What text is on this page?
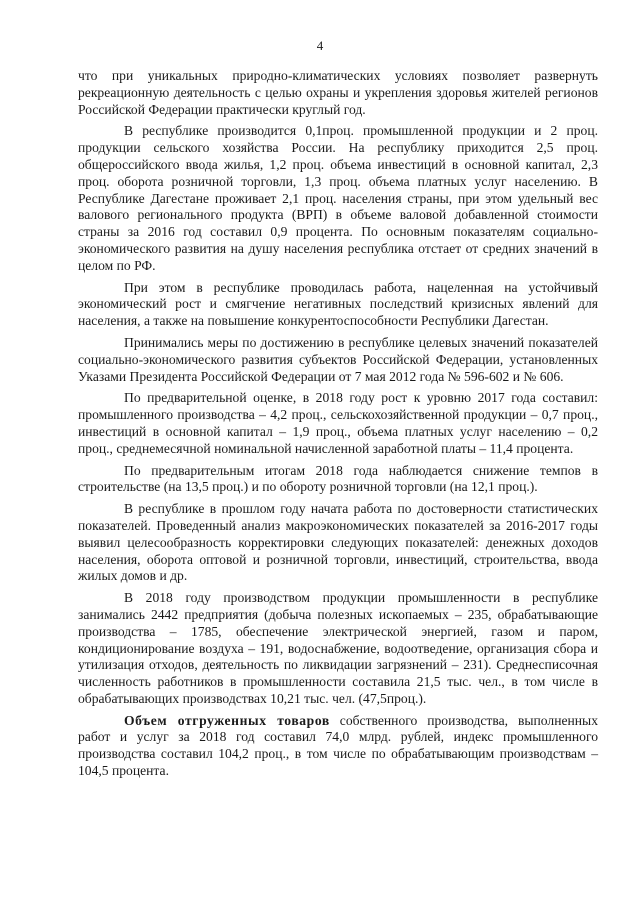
4

что при уникальных природно-климатических условиях позволяет развернуть рекреационную деятельность с целью охраны и укрепления здоровья жителей регионов Российской Федерации практически круглый год.

В республике производится 0,1проц. промышленной продукции и 2 проц. продукции сельского хозяйства России. На республику приходится 2,5 проц. общероссийского ввода жилья, 1,2 проц. объема инвестиций в основной капитал, 2,3 проц. оборота розничной торговли, 1,3 проц. объема платных услуг населению. В Республике Дагестане проживает 2,1 проц. населения страны, при этом удельный вес валового регионального продукта (ВРП) в объеме валовой добавленной стоимости страны за 2016 год составил 0,9 процента. По основным показателям социально-экономического развития на душу населения республика отстает от средних значений в целом по РФ.

При этом в республике проводилась работа, нацеленная на устойчивый экономический рост и смягчение негативных последствий кризисных явлений для населения, а также на повышение конкурентоспособности Республики Дагестан.

Принимались меры по достижению в республике целевых значений показателей социально-экономического развития субъектов Российской Федерации, установленных Указами Президента Российской Федерации от 7 мая 2012 года № 596-602 и № 606.

По предварительной оценке, в 2018 году рост к уровню 2017 года составил: промышленного производства – 4,2 проц., сельскохозяйственной продукции – 0,7 проц., инвестиций в основной капитал – 1,9 проц., объема платных услуг населению – 0,2 проц., среднемесячной номинальной начисленной заработной платы – 11,4 процента.

По предварительным итогам 2018 года наблюдается снижение темпов в строительстве (на 13,5 проц.) и по обороту розничной торговли (на 12,1 проц.).

В республике в прошлом году начата работа по достоверности статистических показателей. Проведенный анализ макроэкономических показателей за 2016-2017 годы выявил целесообразность корректировки следующих показателей: денежных доходов населения, оборота оптовой и розничной торговли, инвестиций, строительства, ввода жилых домов и др.

В 2018 году производством продукции промышленности в республике занимались 2442 предприятия (добыча полезных ископаемых – 235, обрабатывающие производства – 1785, обеспечение электрической энергией, газом и паром, кондиционирование воздуха – 191, водоснабжение, водоотведение, организация сбора и утилизация отходов, деятельность по ликвидации загрязнений – 231). Среднесписочная численность работников в промышленности составила 21,5 тыс. чел., в том числе в обрабатывающих производствах 10,21 тыс. чел. (47,5проц.).

Объем отгруженных товаров собственного производства, выполненных работ и услуг за 2018 год составил 74,0 млрд. рублей, индекс промышленного производства составил 104,2 проц., в том числе по обрабатывающим производствам – 104,5 процента.
